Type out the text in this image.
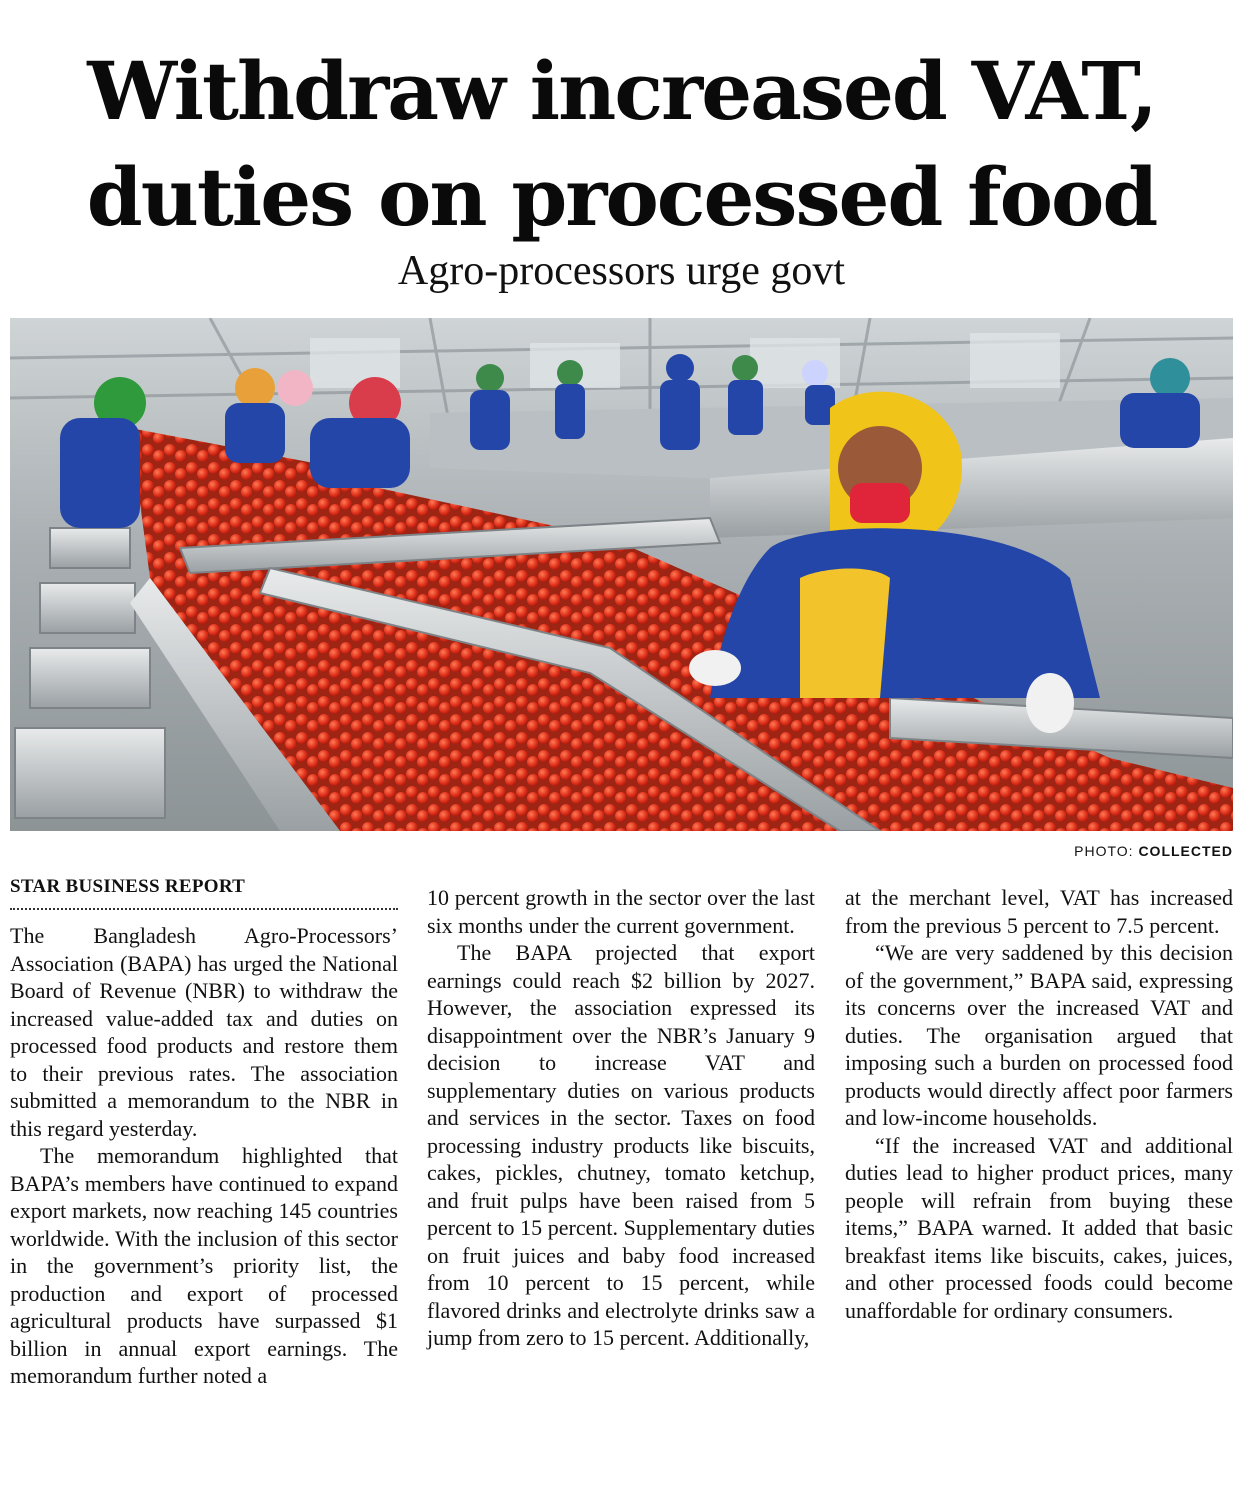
Withdraw increased VAT,
duties on processed food
Agro-processors urge govt
PHOTO: COLLECTED
STAR BUSINESS REPORT

The Bangladesh Agro-Processors’ Association (BAPA) has urged the National Board of Revenue (NBR) to withdraw the increased value-added tax and duties on processed food products and restore them to their previous rates. The association submitted a memorandum to the NBR in this regard yesterday.

The memorandum highlighted that BAPA’s members have continued to expand export markets, now reaching 145 countries worldwide. With the inclusion of this sector in the government’s priority list, the production and export of processed agricultural products have surpassed $1 billion in annual export earnings. The memorandum further noted a

10 percent growth in the sector over the last six months under the current government.

The BAPA projected that export earnings could reach $2 billion by 2027. However, the association expressed its disappointment over the NBR’s January 9 decision to increase VAT and supplementary duties on various products and services in the sector. Taxes on food processing industry products like biscuits, cakes, pickles, chutney, tomato ketchup, and fruit pulps have been raised from 5 percent to 15 percent. Supplementary duties on fruit juices and baby food increased from 10 percent to 15 percent, while flavored drinks and electrolyte drinks saw a jump from zero to 15 percent. Additionally,

at the merchant level, VAT has increased from the previous 5 percent to 7.5 percent.

“We are very saddened by this decision of the government,” BAPA said, expressing its concerns over the increased VAT and duties. The organisation argued that imposing such a burden on processed food products would directly affect poor farmers and low-income households.

“If the increased VAT and additional duties lead to higher product prices, many people will refrain from buying these items,” BAPA warned. It added that basic breakfast items like biscuits, cakes, juices, and other processed foods could become unaffordable for ordinary consumers.
